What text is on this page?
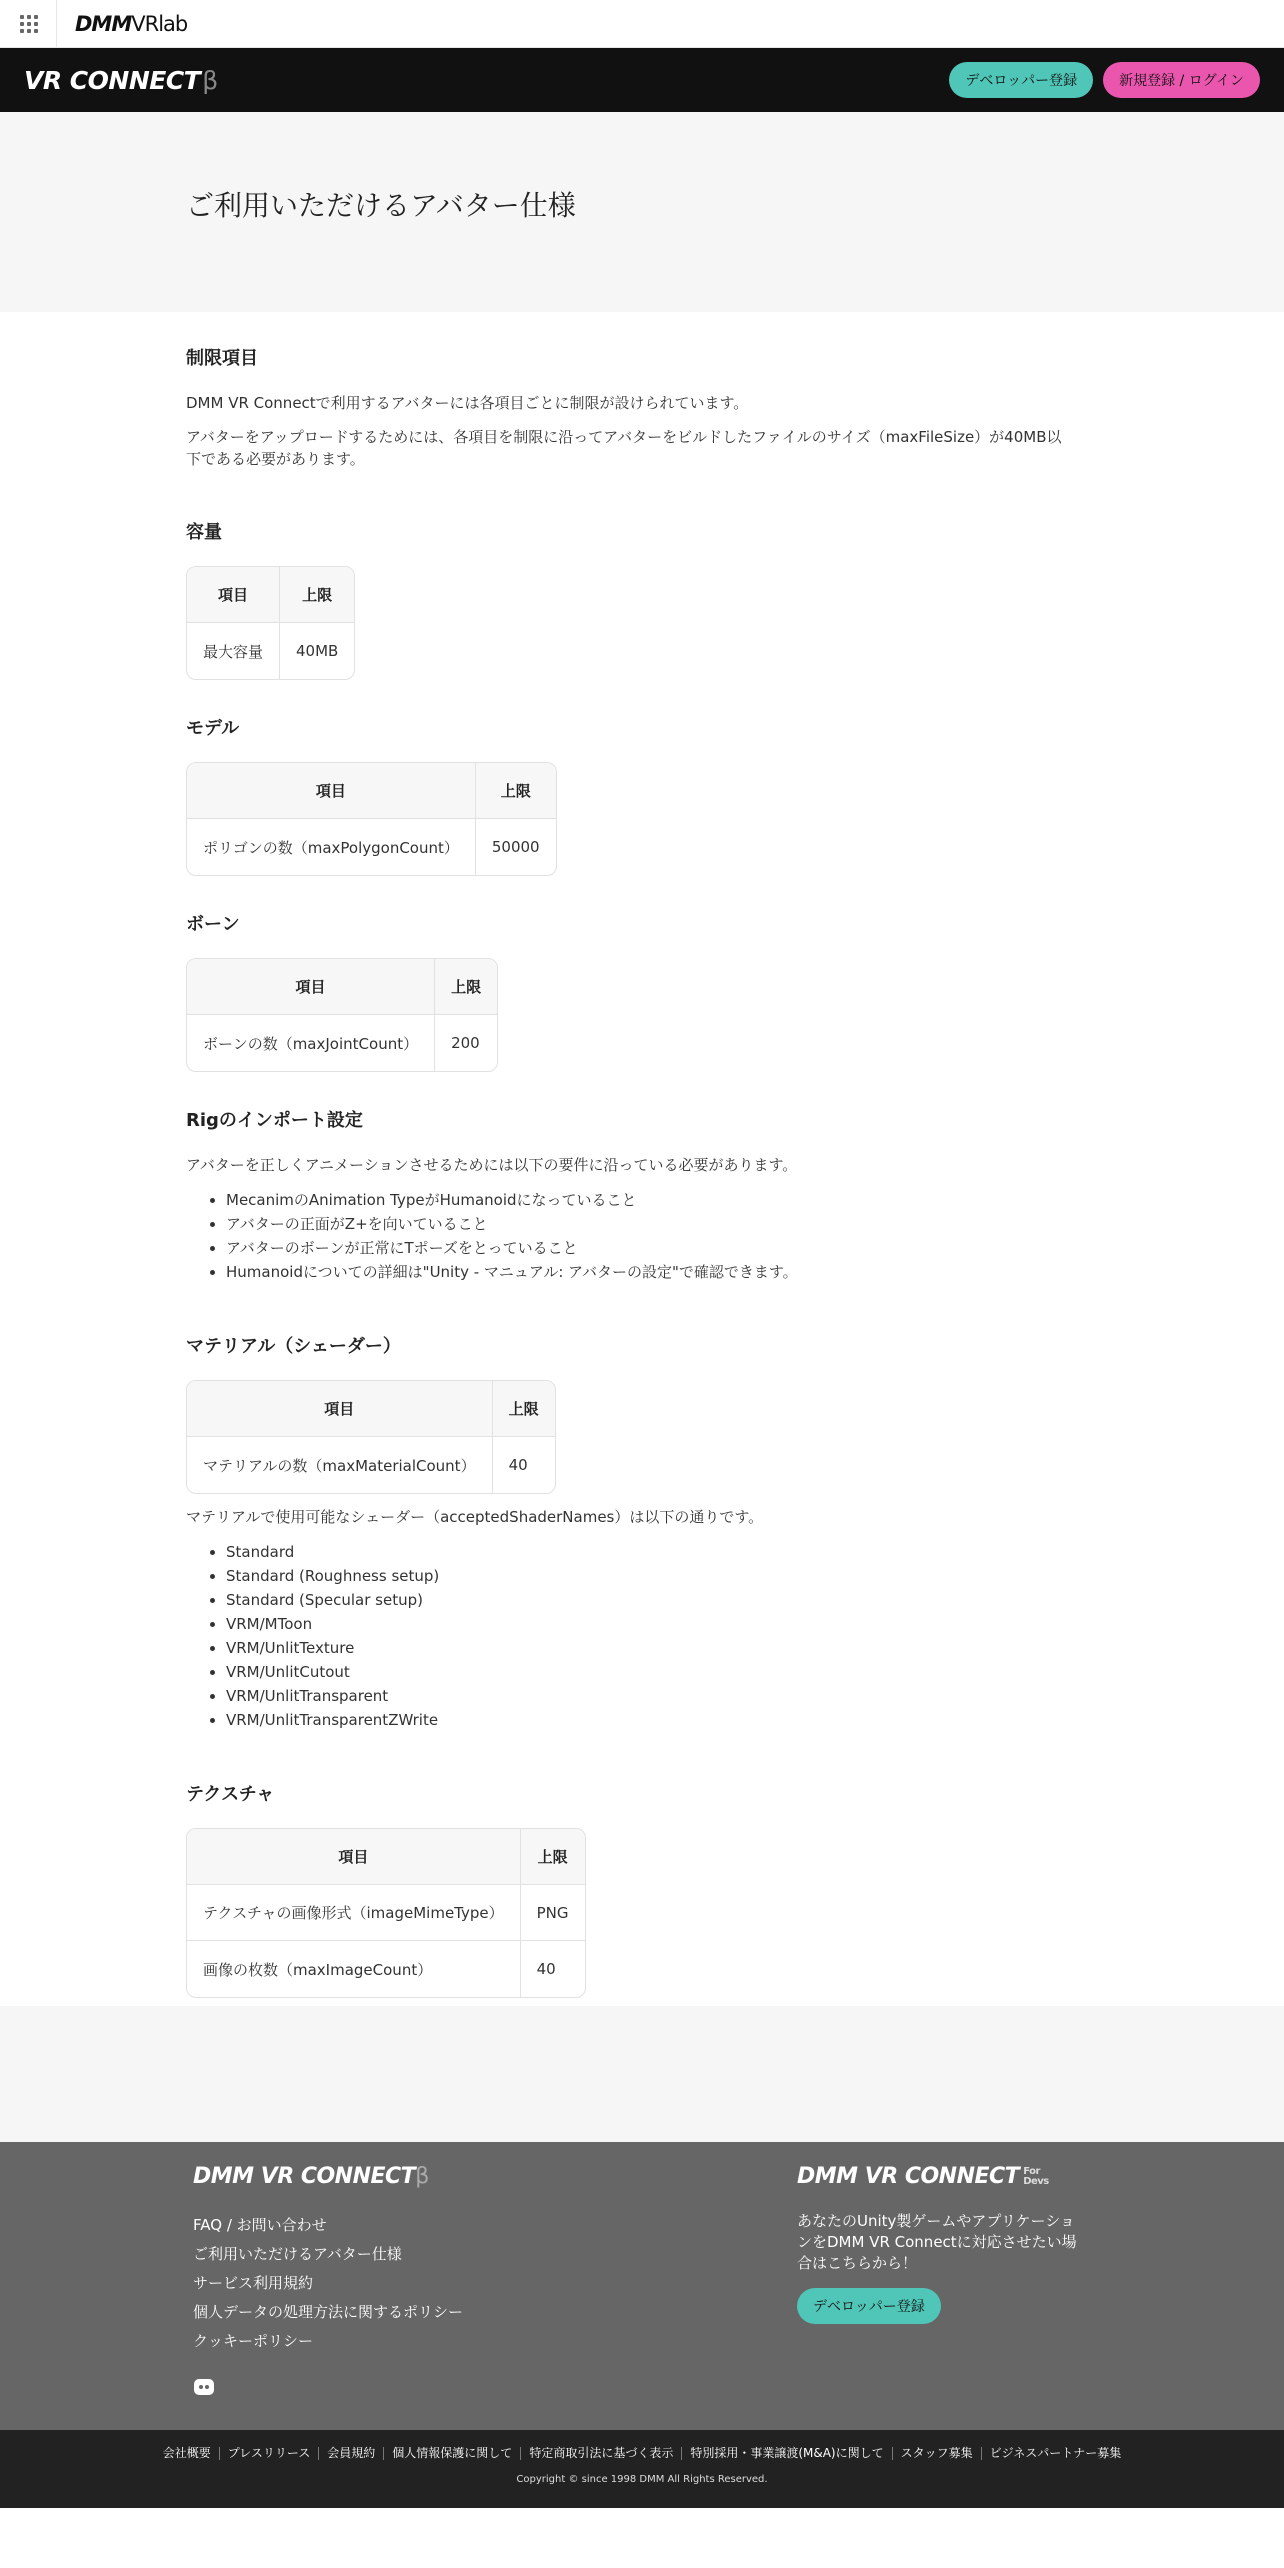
DMMVRlab
VR CONNECTβ	デベロッパー登録	新規登録 / ログイン
ご利用いただけるアバター仕様
制限項目

DMM VR Connectで利用するアバターには各項目ごとに制限が設けられています。

アバターをアップロードするためには、各項目を制限に沿ってアバターをビルドしたファイルのサイズ（maxFileSize）が40MB以下である必要があります。

容量
項目	上限
最大容量	40MB
モデル
項目	上限
ポリゴンの数（maxPolygonCount）	50000
ボーン
項目	上限
ボーンの数（maxJointCount）	200
Rigのインポート設定

アバターを正しくアニメーションさせるためには以下の要件に沿っている必要があります。

• MecanimのAnimation TypeがHumanoidになっていること
• アバターの正面がZ+を向いていること
• アバターのボーンが正常にTポーズをとっていること
• Humanoidについての詳細は"Unity - マニュアル: アバターの設定"で確認できます。
マテリアル（シェーダー）
項目	上限
マテリアルの数（maxMaterialCount）	40

マテリアルで使用可能なシェーダー（acceptedShaderNames）は以下の通りです。

• Standard
• Standard (Roughness setup)
• Standard (Specular setup)
• VRM/MToon
• VRM/UnlitTexture
• VRM/UnlitCutout
• VRM/UnlitTransparent
• VRM/UnlitTransparentZWrite
テクスチャ
項目	上限
テクスチャの画像形式（imageMimeType）	PNG
画像の枚数（maxImageCount）	40
DMM VR CONNECTβ
FAQ / お問い合わせ
ご利用いただけるアバター仕様
サービス利用規約
個人データの処理方法に関するポリシー
クッキーポリシー
DMM VR CONNECT For
Devs

あなたのUnity製ゲームやアプリケーションをDMM VR Connectに対応させたい場合はこちらから！

デベロッパー登録
会社概要 プレスリリース 会員規約 個人情報保護に関して 特定商取引法に基づく表示 特別採用・事業譲渡(M&A)に関して スタッフ募集 ビジネスパートナー募集
Copyright © since 1998 DMM All Rights Reserved.
